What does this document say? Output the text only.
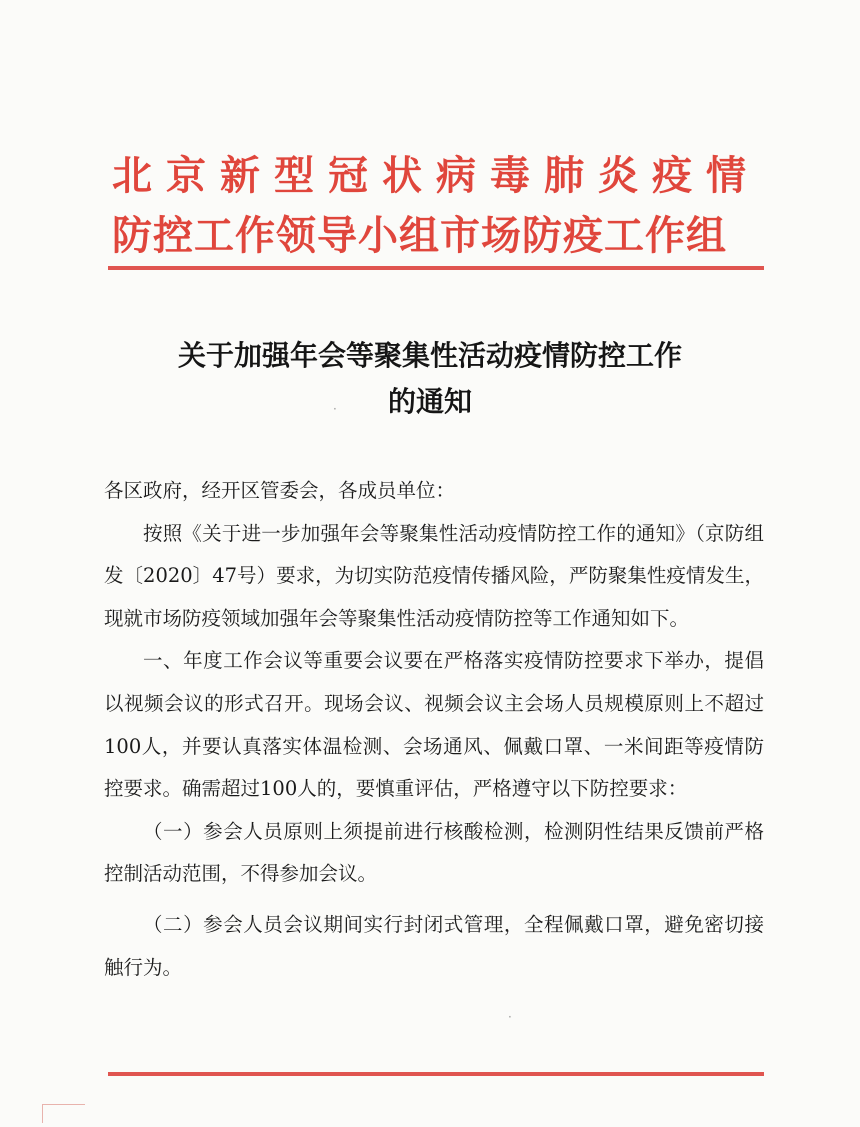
北京新型冠状病毒肺炎疫情
防控工作领导小组市场防疫工作组
关于加强年会等聚集性活动疫情防控工作
的通知

各区政府，经开区管委会，各成员单位：

按照《关于进一步加强年会等聚集性活动疫情防控工作的通知》（京防组发〔2020〕47号）要求，为切实防范疫情传播风险，严防聚集性疫情发生，现就市场防疫领域加强年会等聚集性活动疫情防控等工作通知如下。

一、年度工作会议等重要会议要在严格落实疫情防控要求下举办，提倡以视频会议的形式召开。现场会议、视频会议主会场人员规模原则上不超过100人，并要认真落实体温检测、会场通风、佩戴口罩、一米间距等疫情防控要求。确需超过100人的，要慎重评估，严格遵守以下防控要求：

（一）参会人员原则上须提前进行核酸检测，检测阴性结果反馈前严格控制活动范围，不得参加会议。

（二）参会人员会议期间实行封闭式管理，全程佩戴口罩，避免密切接触行为。

·
·
